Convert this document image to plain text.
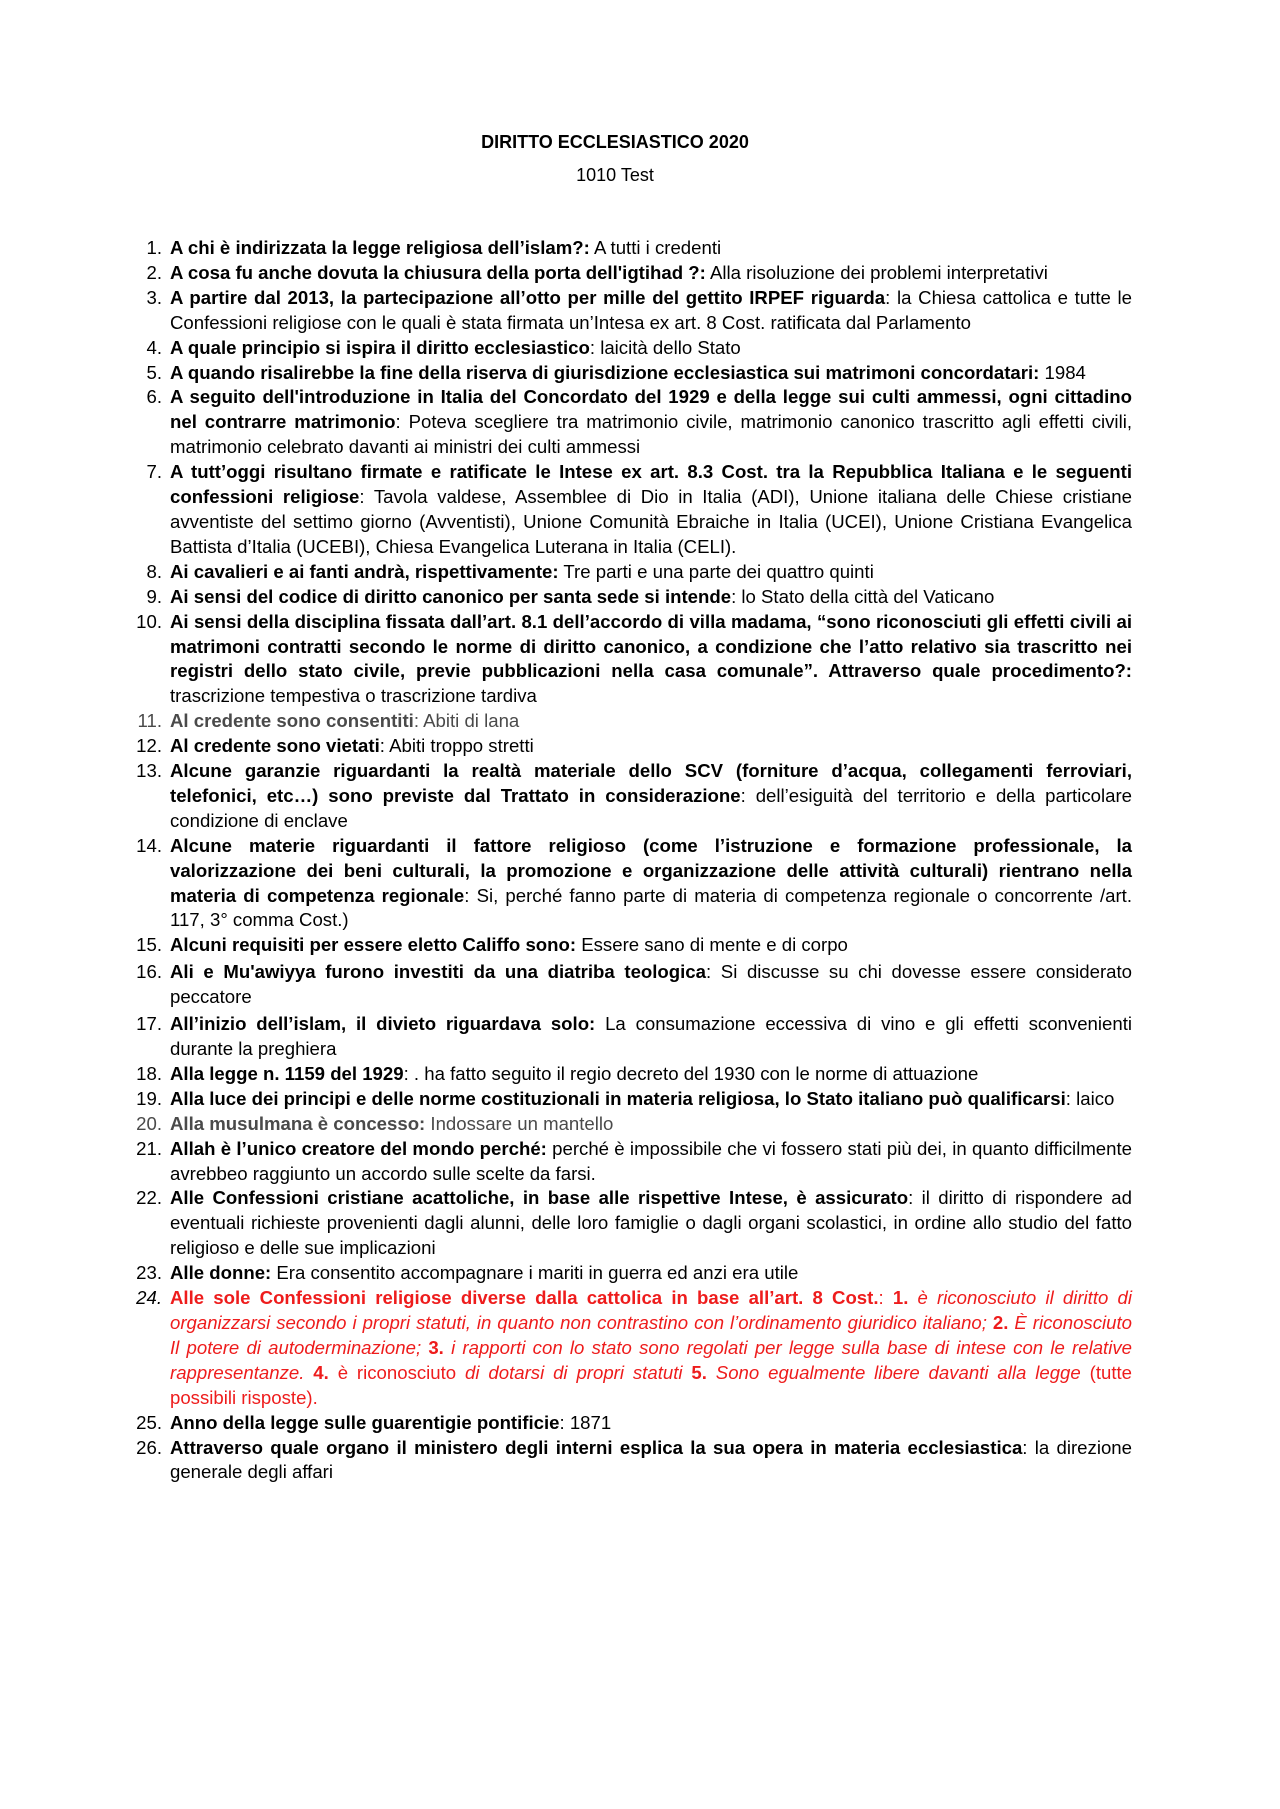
DIRITTO ECCLESIASTICO 2020
1010 Test
1. A chi è indirizzata la legge religiosa dell’islam?: A tutti i credenti
2. A cosa fu anche dovuta la chiusura della porta dell'igtihad ?: Alla risoluzione dei problemi interpretativi
3. A partire dal 2013, la partecipazione all’otto per mille del gettito IRPEF riguarda: la Chiesa cattolica e tutte le Confessioni religiose con le quali è stata firmata un’Intesa ex art. 8 Cost. ratificata dal Parlamento
4. A quale principio si ispira il diritto ecclesiastico: laicità dello Stato
5. A quando risalirebbe la fine della riserva di giurisdizione ecclesiastica sui matrimoni concordatari: 1984
6. A seguito dell'introduzione in Italia del Concordato del 1929 e della legge sui culti ammessi, ogni cittadino nel contrarre matrimonio: Poteva scegliere tra matrimonio civile, matrimonio canonico trascritto agli effetti civili, matrimonio celebrato davanti ai ministri dei culti ammessi
7. A tutt’oggi risultano firmate e ratificate le Intese ex art. 8.3 Cost. tra la Repubblica Italiana e le seguenti confessioni religiose: Tavola valdese, Assemblee di Dio in Italia (ADI), Unione italiana delle Chiese cristiane avventiste del settimo giorno (Avventisti), Unione Comunità Ebraiche in Italia (UCEI), Unione Cristiana Evangelica Battista d’Italia (UCEBI), Chiesa Evangelica Luterana in Italia (CELI).
8. Ai cavalieri e ai fanti andrà, rispettivamente: Tre parti e una parte dei quattro quinti
9. Ai sensi del codice di diritto canonico per santa sede si intende: lo Stato della città del Vaticano
10. Ai sensi della disciplina fissata dall’art. 8.1 dell’accordo di villa madama, “sono riconosciuti gli effetti civili ai matrimoni contratti secondo le norme di diritto canonico, a condizione che l’atto relativo sia trascritto nei registri dello stato civile, previe pubblicazioni nella casa comunale”. Attraverso quale procedimento?: trascrizione tempestiva o trascrizione tardiva
11. Al credente sono consentiti: Abiti di lana
12. Al credente sono vietati: Abiti troppo stretti
13. Alcune garanzie riguardanti la realtà materiale dello SCV (forniture d’acqua, collegamenti ferroviari, telefonici, etc…) sono previste dal Trattato in considerazione: dell’esiguità del territorio e della particolare condizione di enclave
14. Alcune materie riguardanti il fattore religioso (come l’istruzione e formazione professionale, la valorizzazione dei beni culturali, la promozione e organizzazione delle attività culturali) rientrano nella materia di competenza regionale: Si, perché fanno parte di materia di competenza regionale o concorrente /art. 117, 3° comma Cost.)
15. Alcuni requisiti per essere eletto Califfo sono: Essere sano di mente e di corpo
16. Ali e Mu'awiyya furono investiti da una diatriba teologica: Si discusse su chi dovesse essere considerato peccatore
17. All’inizio dell’islam, il divieto riguardava solo: La consumazione eccessiva di vino e gli effetti sconvenienti durante la preghiera
18. Alla legge n. 1159 del 1929: . ha fatto seguito il regio decreto del 1930 con le norme di attuazione
19. Alla luce dei principi e delle norme costituzionali in materia religiosa, lo Stato italiano può qualificarsi: laico
20. Alla musulmana è concesso: Indossare un mantello
21. Allah è l’unico creatore del mondo perché: perché è impossibile che vi fossero stati più dei, in quanto difficilmente avrebbeo raggiunto un accordo sulle scelte da farsi.
22. Alle Confessioni cristiane acattoliche, in base alle rispettive Intese, è assicurato: il diritto di rispondere ad eventuali richieste provenienti dagli alunni, delle loro famiglie o dagli organi scolastici, in ordine allo studio del fatto religioso e delle sue implicazioni
23. Alle donne: Era consentito accompagnare i mariti in guerra ed anzi era utile
24. Alle sole Confessioni religiose diverse dalla cattolica in base all’art. 8 Cost.: 1. è riconosciuto il diritto di organizzarsi secondo i propri statuti, in quanto non contrastino con l’ordinamento giuridico italiano; 2. È riconosciuto Il potere di autoderminazione; 3. i rapporti con lo stato sono regolati per legge sulla base di intese con le relative rappresentanze. 4. è riconosciuto di dotarsi di propri statuti 5. Sono egualmente libere davanti alla legge (tutte possibili risposte).
25. Anno della legge sulle guarentigie pontificie: 1871
26. Attraverso quale organo il ministero degli interni esplica la sua opera in materia ecclesiastica: la direzione generale degli affari
